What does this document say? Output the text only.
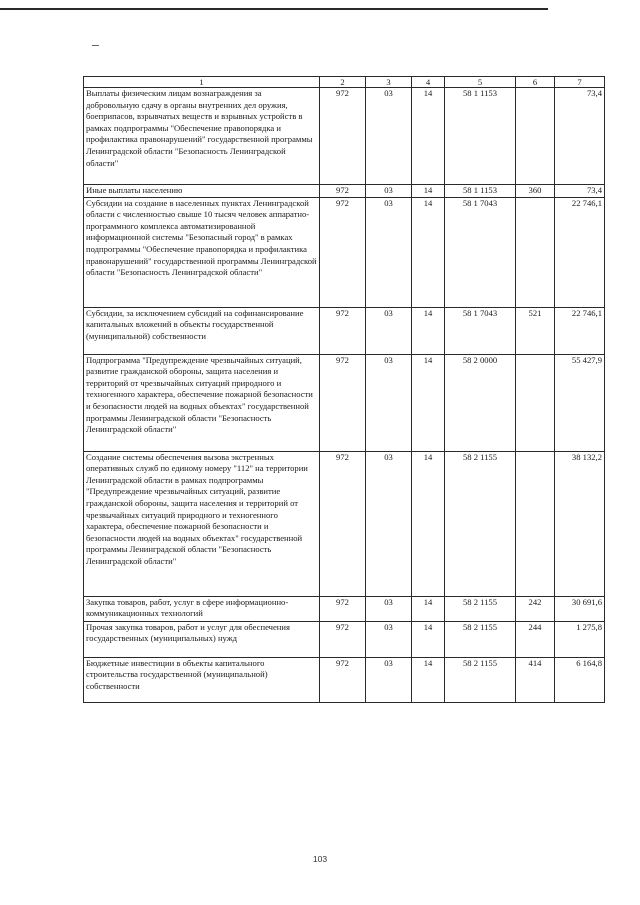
1	2	3	4	5	6	7
Выплаты физическим лицам вознаграждения за добровольную сдачу в органы внутренних дел оружия, боеприпасов, взрывчатых веществ и взрывных устройств в рамках подпрограммы "Обеспечение правопорядка и профилактика правонарушений" государственной программы Ленинградской области "Безопасность Ленинградской области"	972	03	14	58 1 1153		73,4
Иные выплаты населению	972	03	14	58 1 1153	360	73,4
Субсидии на создание в населенных пунктах Ленинградской области с численностью свыше 10 тысяч человек аппаратно-программного комплекса автоматизированной информационной системы "Безопасный город" в рамках подпрограммы "Обеспечение правопорядка и профилактика правонарушений" государственной программы Ленинградской области "Безопасность Ленинградской области"	972	03	14	58 1 7043		22 746,1
Субсидии, за исключением субсидий на софинансирование капитальных вложений в объекты государственной (муниципальной) собственности	972	03	14	58 1 7043	521	22 746,1
Подпрограмма "Предупреждение чрезвычайных ситуаций, развитие гражданской обороны, защита населения и территорий от чрезвычайных ситуаций природного и техногенного характера, обеспечение пожарной безопасности и безопасности людей на водных объектах" государственной программы Ленинградской области "Безопасность Ленинградской области"	972	03	14	58 2 0000		55 427,9
Создание системы обеспечения вызова экстренных оперативных служб по единому номеру "112" на территории Ленинградской области в рамках подпрограммы "Предупреждение чрезвычайных ситуаций, развитие гражданской обороны, защита населения и территорий от чрезвычайных ситуаций природного и техногенного характера, обеспечение пожарной безопасности и безопасности людей на водных объектах" государственной программы Ленинградской области "Безопасность Ленинградской области"	972	03	14	58 2 1155		38 132,2
Закупка товаров, работ, услуг в сфере информационно-коммуникационных технологий	972	03	14	58 2 1155	242	30 691,6
Прочая закупка товаров, работ и услуг для обеспечения государственных (муниципальных) нужд	972	03	14	58 2 1155	244	1 275,8
Бюджетные инвестиции в объекты капитального строительства государственной (муниципальной) собственности	972	03	14	58 2 1155	414	6 164,8
103
